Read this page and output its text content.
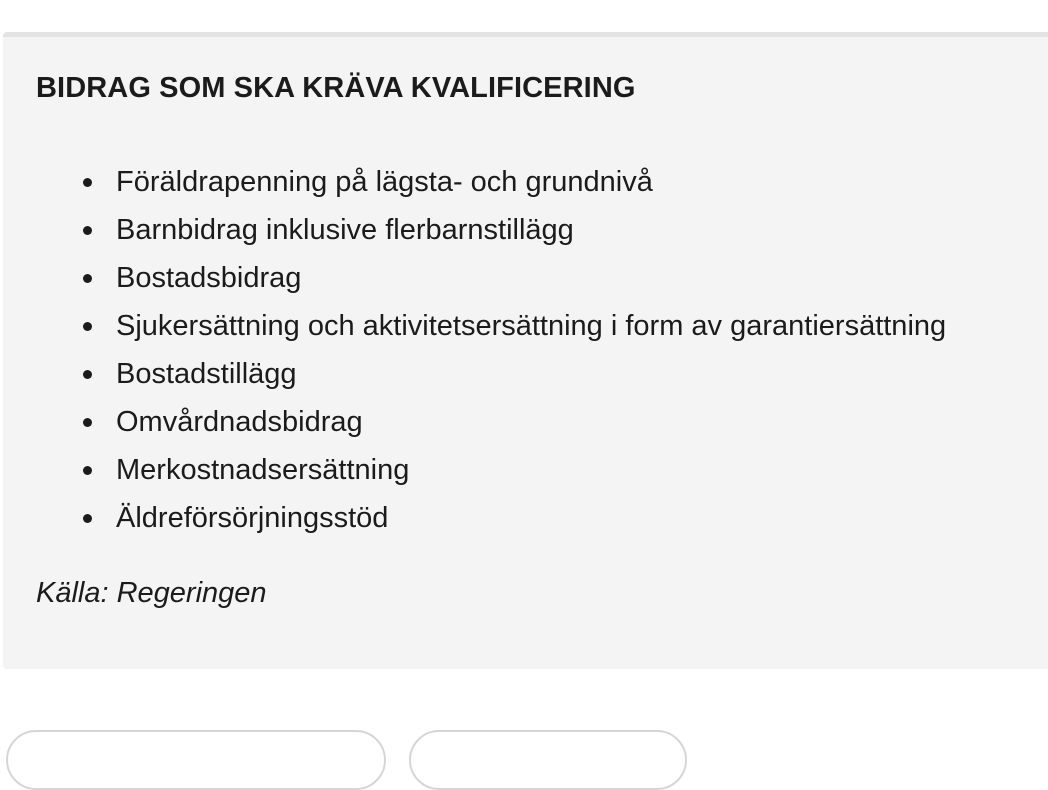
BIDRAG SOM SKA KRÄVA KVALIFICERING
Föräldrapenning på lägsta- och grundnivå
Barnbidrag inklusive flerbarnstillägg
Bostadsbidrag
Sjukersättning och aktivitetsersättning i form av garantiersättning
Bostadstillägg
Omvårdnadsbidrag
Merkostnadsersättning
Äldreförsörjningsstöd

Källa: Regeringen
